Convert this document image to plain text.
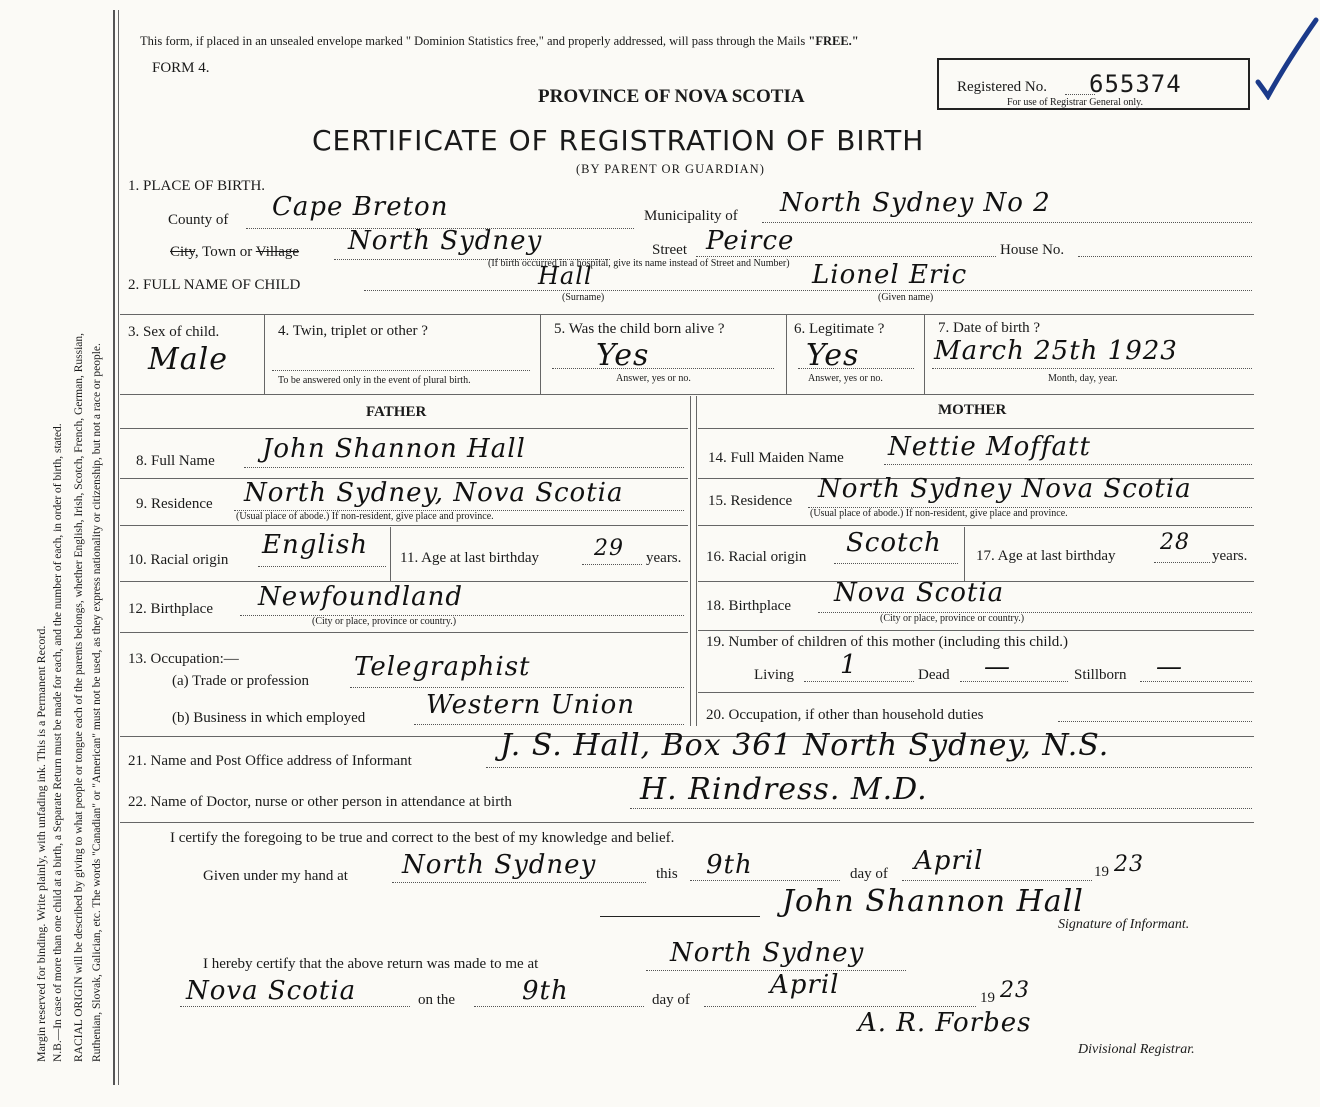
Margin reserved for binding. Write plainly, with unfading ink. This is a Permanent Record. N.B.—In case of more than one child at a birth, a Separate Return must be made for each, and the number of each, in order of birth, stated. RACIAL ORIGIN will be described by giving to what people or tongue each of the parents belongs, whether English, Irish, Scotch, French, German, Russian, Ruthenian, Slovak, Galician, etc. The words "Canadian" or "American" must not be used, as they express nationality or citizenship, but not a race or people.
This form, if placed in an unsealed envelope marked " Dominion Statistics free," and properly addressed, will pass through the Mails "FREE."
FORM 4.
PROVINCE OF NOVA SCOTIA
CERTIFICATE OF REGISTRATION OF BIRTH
(BY PARENT OR GUARDIAN)
Registered No. 655374
For use of Registrar General only.
1. PLACE OF BIRTH.
County of Cape Breton	Municipality of North Sydney No 2
City, Town or Village North Sydney
(If birth occurred in a hospital, give its name instead of Street and Number)
Street Peirce	House No.
2. FULL NAME OF CHILD	Hall
(Surname)
Lionel Eric
(Given name)
3. Sex of child.
Male
4. Twin, triplet or other ?
To be answered only in the event of plural birth.
5. Was the child born alive ?
Yes
Answer, yes or no.
6. Legitimate ?
Yes
Answer, yes or no.
7. Date of birth ?
March 25th 1923
Month, day, year.
FATHER
8. Full Name John Shannon Hall
9. Residence North Sydney, Nova Scotia
(Usual place of abode.) If non-resident, give place and province.
10. Racial origin English 11. Age at last birthday	29 years.
12. Birthplace Newfoundland
(City or place, province or country.)
13. Occupation:—
(a) Trade or profession Telegraphist
(b) Business in which employed Western Union
MOTHER
14. Full Maiden Name Nettie Moffatt
15. Residence North Sydney Nova Scotia
(Usual place of abode.) If non-resident, give place and province.
16. Racial origin Scotch 17. Age at last birthday
28
years.
18. Birthplace Nova Scotia
(City or place, province or country.)
19. Number of children of this mother (including this child.)
Living 1	Dead —	Stillborn —
20. Occupation, if other than household duties
21. Name and Post Office address of Informant	J. S. Hall, Box 361 North Sydney, N.S.
22. Name of Doctor, nurse or other person in attendance at birth	H. Rindress. M.D.
I certify the foregoing to be true and correct to the best of my knowledge and belief.
Given under my hand at North Sydney	this 9th	day of April	19 23
John Shannon Hall
Signature of Informant.
I hereby certify that the above return was made to me at	North Sydney
Nova Scotia	on the	9th	day of	April	19 23
A. R. Forbes
Divisional Registrar.
